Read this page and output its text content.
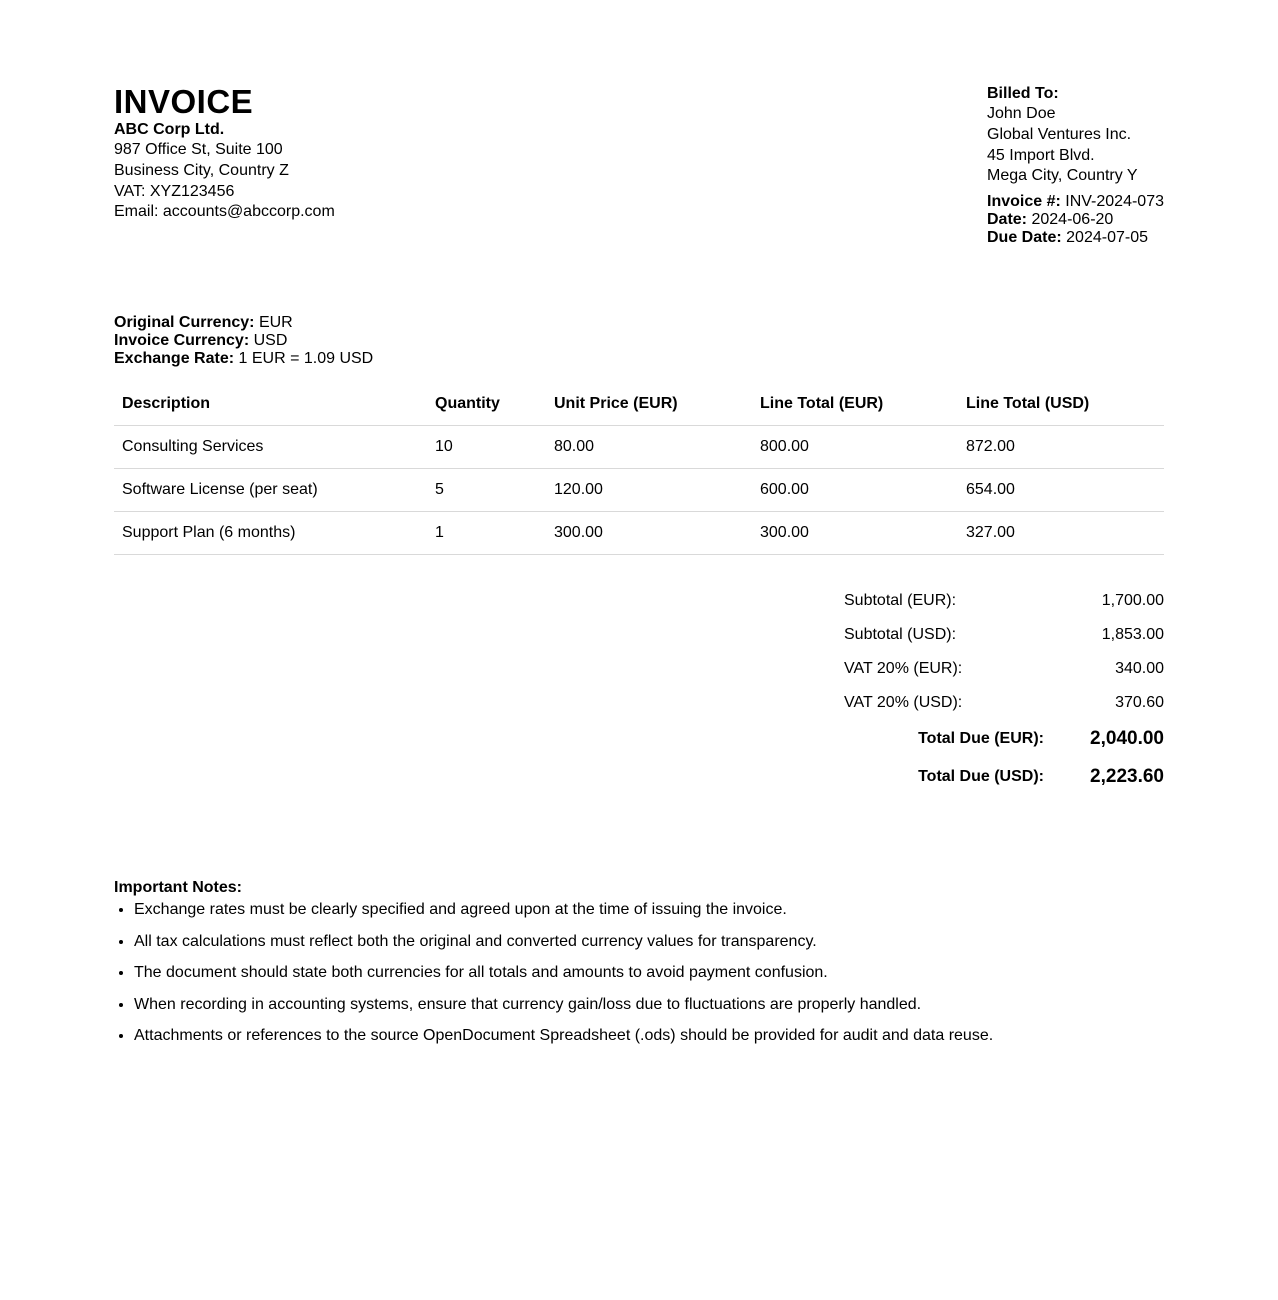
INVOICE
ABC Corp Ltd.
987 Office St, Suite 100
Business City, Country Z
VAT: XYZ123456
Email: accounts@abccorp.com
Billed To:
John Doe
Global Ventures Inc.
45 Import Blvd.
Mega City, Country Y
Invoice #: INV-2024-073
Date: 2024-06-20
Due Date: 2024-07-05
Original Currency: EUR
Invoice Currency: USD
Exchange Rate: 1 EUR = 1.09 USD
Description	Quantity	Unit Price (EUR)	Line Total (EUR)	Line Total (USD)
Consulting Services	10	80.00	800.00	872.00
Software License (per seat)	5	120.00	600.00	654.00
Support Plan (6 months)	1	300.00	300.00	327.00
Subtotal (EUR):	1,700.00
Subtotal (USD):	1,853.00
VAT 20% (EUR):	340.00
VAT 20% (USD):	370.60
Total Due (EUR):	2,040.00
Total Due (USD):	2,223.60
Important Notes:
• Exchange rates must be clearly specified and agreed upon at the time of issuing the invoice.
• All tax calculations must reflect both the original and converted currency values for transparency.
• The document should state both currencies for all totals and amounts to avoid payment confusion.
• When recording in accounting systems, ensure that currency gain/loss due to fluctuations are properly handled.
• Attachments or references to the source OpenDocument Spreadsheet (.ods) should be provided for audit and data reuse.
